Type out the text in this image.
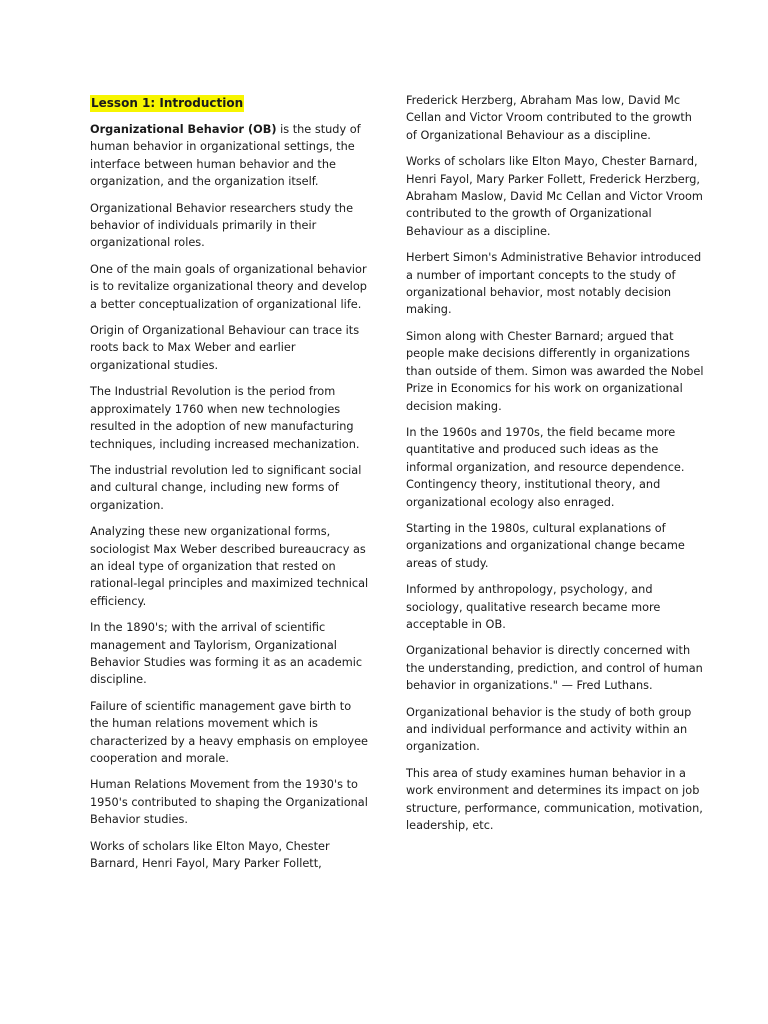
Lesson 1: Introduction

Organizational Behavior (OB) is the study of human behavior in organizational settings, the interface between human behavior and the organization, and the organization itself.

Organizational Behavior researchers study the behavior of individuals primarily in their organizational roles.

One of the main goals of organizational behavior is to revitalize organizational theory and develop a better conceptualization of organizational life.

Origin of Organizational Behaviour can trace its roots back to Max Weber and earlier organizational studies.

The Industrial Revolution is the period from approximately 1760 when new technologies resulted in the adoption of new manufacturing techniques, including increased mechanization.

The industrial revolution led to significant social and cultural change, including new forms of organization.

Analyzing these new organizational forms, sociologist Max Weber described bureaucracy as an ideal type of organization that rested on rational-legal principles and maximized technical efficiency.

In the 1890's; with the arrival of scientific management and Taylorism, Organizational Behavior Studies was forming it as an academic discipline.

Failure of scientific management gave birth to the human relations movement which is characterized by a heavy emphasis on employee cooperation and morale.

Human Relations Movement from the 1930's to 1950's contributed to shaping the Organizational Behavior studies.

Works of scholars like Elton Mayo, Chester Barnard, Henri Fayol, Mary Parker Follett,

Frederick Herzberg, Abraham Mas low, David Mc Cellan and Victor Vroom contributed to the growth of Organizational Behaviour as a discipline.

Works of scholars like Elton Mayo, Chester Barnard, Henri Fayol, Mary Parker Follett, Frederick Herzberg, Abraham Maslow, David Mc Cellan and Victor Vroom contributed to the growth of Organizational Behaviour as a discipline.

Herbert Simon's Administrative Behavior introduced a number of important concepts to the study of organizational behavior, most notably decision making.

Simon along with Chester Barnard; argued that people make decisions differently in organizations than outside of them. Simon was awarded the Nobel Prize in Economics for his work on organizational decision making.

In the 1960s and 1970s, the field became more quantitative and produced such ideas as the informal organization, and resource dependence. Contingency theory, institutional theory, and organizational ecology also enraged.

Starting in the 1980s, cultural explanations of organizations and organizational change became areas of study.

Informed by anthropology, psychology, and sociology, qualitative research became more acceptable in OB.

Organizational behavior is directly concerned with the understanding, prediction, and control of human behavior in organizations." — Fred Luthans.

Organizational behavior is the study of both group and individual performance and activity within an organization.

This area of study examines human behavior in a work environment and determines its impact on job structure, performance, communication, motivation, leadership, etc.
